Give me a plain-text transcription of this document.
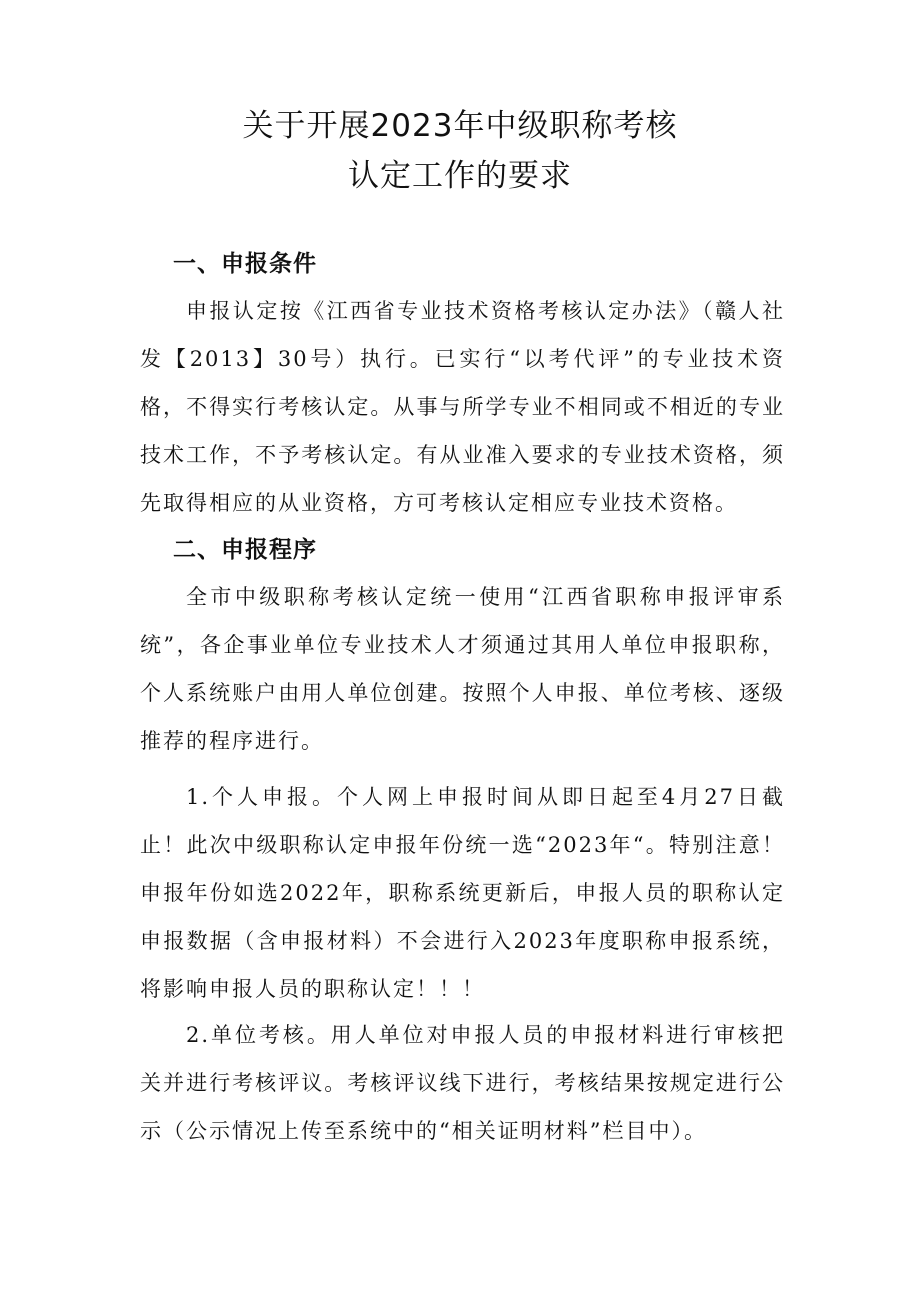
关于开展2023年中级职称考核
认定工作的要求
一、申报条件

申报认定按《江西省专业技术资格考核认定办法》（赣人社发【2013】30号）执行。已实行“以考代评”的专业技术资格，不得实行考核认定。从事与所学专业不相同或不相近的专业技术工作，不予考核认定。有从业准入要求的专业技术资格，须先取得相应的从业资格，方可考核认定相应专业技术资格。

二、申报程序

全市中级职称考核认定统一使用“江西省职称申报评审系统”，各企事业单位专业技术人才须通过其用人单位申报职称，个人系统账户由用人单位创建。按照个人申报、单位考核、逐级推荐的程序进行。

1.个人申报。个人网上申报时间从即日起至4月27日截止！此次中级职称认定申报年份统一选“2023年“。特别注意！申报年份如选2022年，职称系统更新后，申报人员的职称认定申报数据（含申报材料）不会进行入2023年度职称申报系统，将影响申报人员的职称认定！！！

2.单位考核。用人单位对申报人员的申报材料进行审核把关并进行考核评议。考核评议线下进行，考核结果按规定进行公示（公示情况上传至系统中的“相关证明材料”栏目中）。
